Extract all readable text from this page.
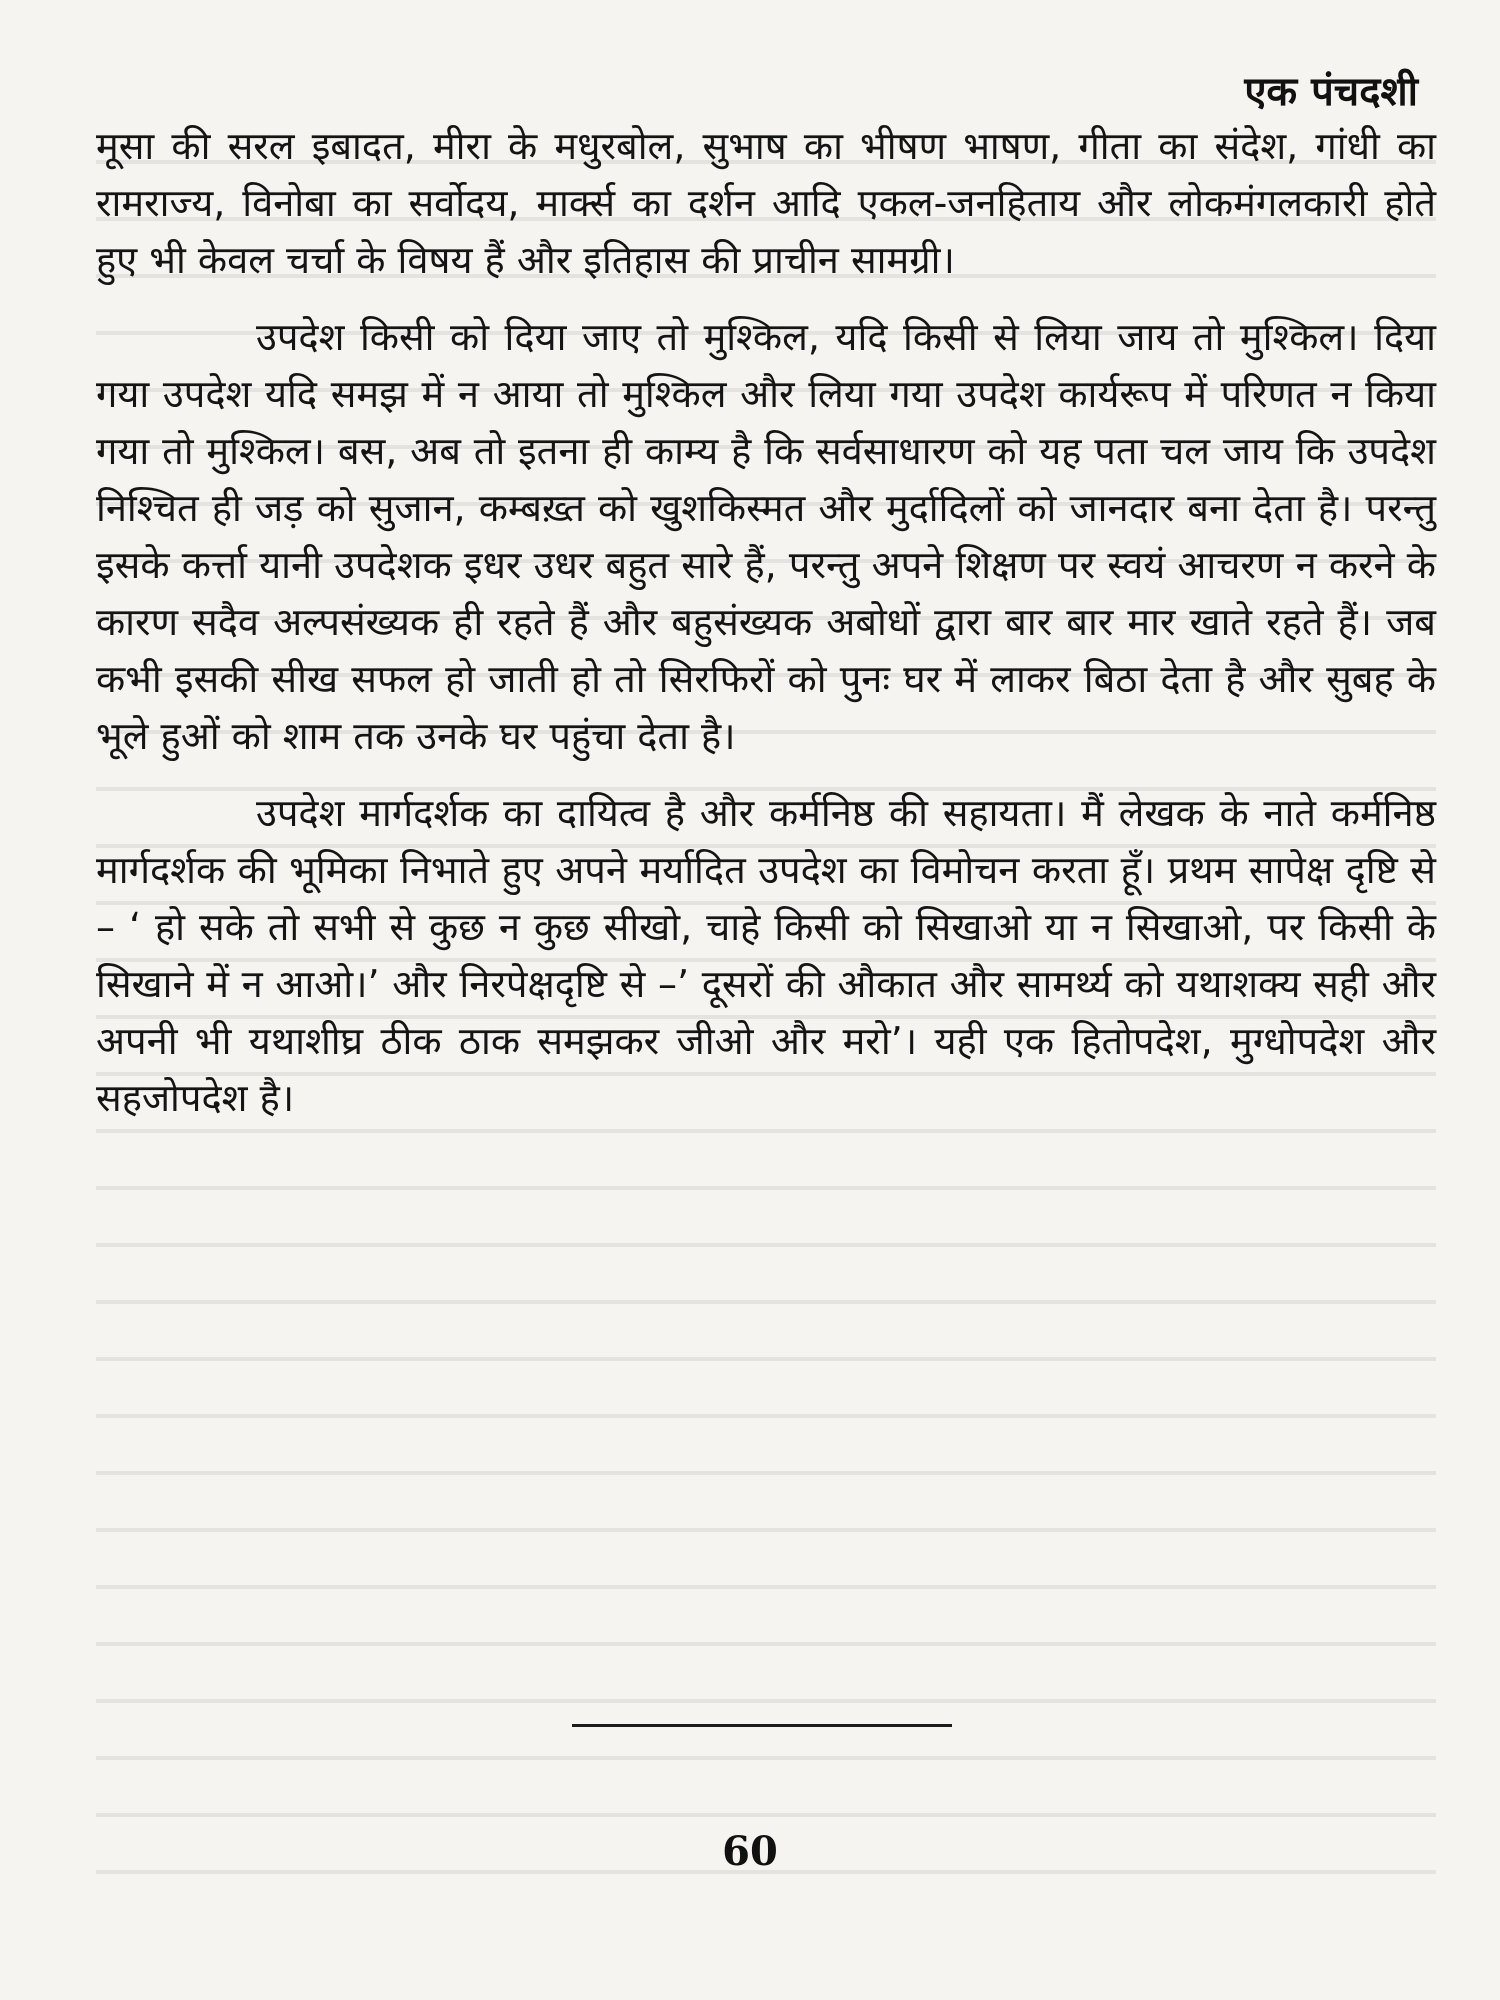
एक पंचदशी

मूसा की सरल इबादत, मीरा के मधुरबोल, सुभाष का भीषण भाषण, गीता का संदेश, गांधी का रामराज्य, विनोबा का सर्वोदय, मार्क्स का दर्शन आदि एकल-जनहिताय और लोकमंगलकारी होते हुए भी केवल चर्चा के विषय हैं और इतिहास की प्राचीन सामग्री।

उपदेश किसी को दिया जाए तो मुश्किल, यदि किसी से लिया जाय तो मुश्किल। दिया गया उपदेश यदि समझ में न आया तो मुश्किल और लिया गया उपदेश कार्यरूप में परिणत न किया गया तो मुश्किल। बस, अब तो इतना ही काम्य है कि सर्वसाधारण को यह पता चल जाय कि उपदेश निश्चित ही जड़ को सुजान, कम्बख़्त को खुशकिस्मत और मुर्दादिलों को जानदार बना देता है। परन्तु इसके कर्त्ता यानी उपदेशक इधर उधर बहुत सारे हैं, परन्तु अपने शिक्षण पर स्वयं आचरण न करने के कारण सदैव अल्पसंख्यक ही रहते हैं और बहुसंख्यक अबोधों द्वारा बार बार मार खाते रहते हैं। जब कभी इसकी सीख सफल हो जाती हो तो सिरफिरों को पुनः घर में लाकर बिठा देता है और सुबह के भूले हुओं को शाम तक उनके घर पहुंचा देता है।

उपदेश मार्गदर्शक का दायित्व है और कर्मनिष्ठ की सहायता। मैं लेखक के नाते कर्मनिष्ठ मार्गदर्शक की भूमिका निभाते हुए अपने मर्यादित उपदेश का विमोचन करता हूँ। प्रथम सापेक्ष दृष्टि से – ‘ हो सके तो सभी से कुछ न कुछ सीखो, चाहे किसी को सिखाओ या न सिखाओ, पर किसी के सिखाने में न आओ।’ और निरपेक्षदृष्टि से –’ दूसरों की औकात और सामर्थ्य को यथाशक्य सही और अपनी भी यथाशीघ्र ठीक ठाक समझकर जीओ और मरो’। यही एक हितोपदेश, मुग्धोपदेश और सहजोपदेश है।

60
